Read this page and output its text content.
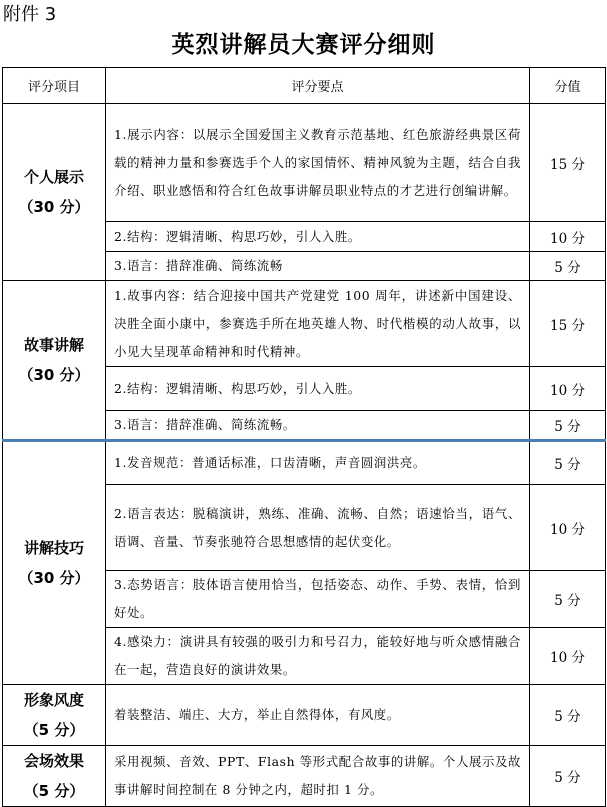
附件 3
英烈讲解员大赛评分细则
评分项目	评分要点	分值

个人展示
（30 分）	1.展示内容：以展示全国爱国主义教育示范基地、红色旅游经典景区荷载的精神力量和参赛选手个人的家国情怀、精神风貌为主题，结合自我介绍、职业感悟和符合红色故事讲解员职业特点的才艺进行创编讲解。	15 分
	2.结构：逻辑清晰、构思巧妙，引人入胜。	10 分
	3.语言：措辞准确、简练流畅	5 分

故事讲解
（30 分）	1.故事内容：结合迎接中国共产党建党 100 周年，讲述新中国建设、决胜全面小康中，参赛选手所在地英雄人物、时代楷模的动人故事，以小见大呈现革命精神和时代精神。	15 分
	2.结构：逻辑清晰、构思巧妙，引人入胜。	10 分
	3.语言：措辞准确、简练流畅。	5 分

讲解技巧
（30 分）	1.发音规范：普通话标准，口齿清晰，声音圆润洪亮。	5 分
	2.语言表达：脱稿演讲，熟练、准确、流畅、自然；语速恰当，语气、语调、音量、节奏张驰符合思想感情的起伏变化。	10 分
	3.态势语言：肢体语言使用恰当，包括姿态、动作、手势、表情，恰到好处。	5 分
	4.感染力：演讲具有较强的吸引力和号召力，能较好地与听众感情融合在一起，营造良好的演讲效果。	10 分

形象风度
（5 分）	着装整洁、端庄、大方，举止自然得体，有风度。	5 分

会场效果
（5 分）	采用视频、音效、PPT、Flash 等形式配合故事的讲解。个人展示及故事讲解时间控制在 8 分钟之内，超时扣 1 分。	5 分
